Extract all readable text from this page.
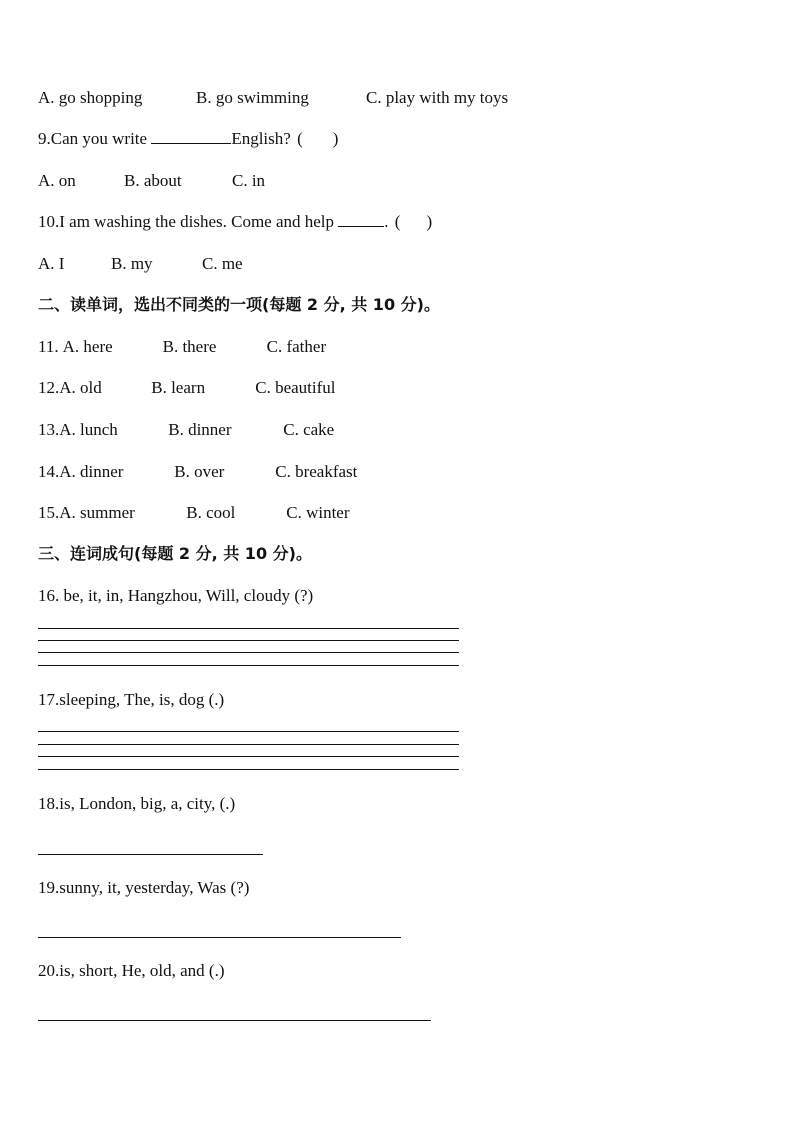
A. go shopping	B. go swimming	C. play with my toys
9.Can you write	English? ( )
A. on	B. about	C. in
10.I am washing the dishes. Come and help	. ( )
A. I	B. my	C. me
二、读单词，选出不同类的一项(每题 2 分, 共 10 分)。
11. A. here	B. there	C. father
12.A. old	B. learn	C. beautiful
13.A. lunch	B. dinner	C. cake
14.A. dinner	B. over	C. breakfast
15.A. summer	B. cool	C. winter
三、连词成句(每题 2 分, 共 10 分)。
16. be, it, in, Hangzhou, Will, cloudy (?)
17.sleeping, The, is, dog (.)
18.is, London, big, a, city, (.)
19.sunny, it, yesterday, Was (?)
20.is, short, He, old, and (.)
